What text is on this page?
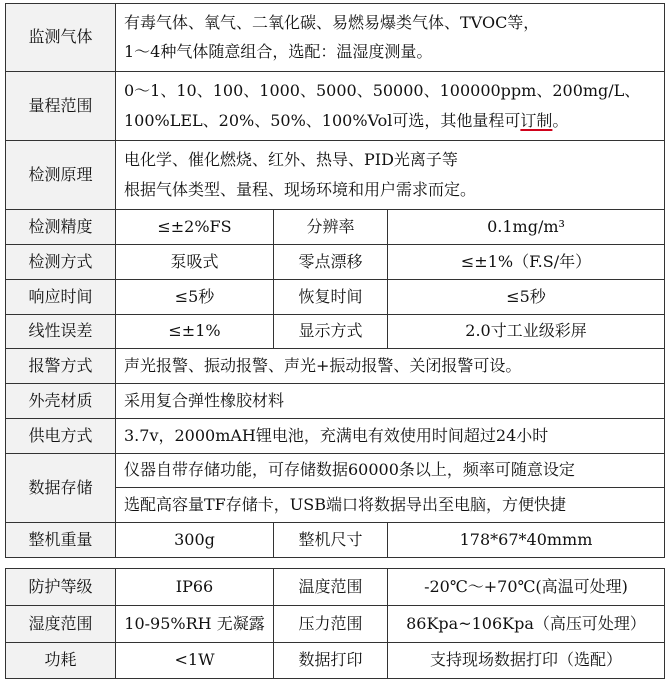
监测气体	有毒气体、氧气、二氧化碳、易燃易爆类气体、TVOC等，
1～4种气体随意组合，选配：温湿度测量。		

量程范围	0～1、10、100、1000、5000、50000、100000ppm、200mg/L、
100%LEL、20%、50%、100%Vol可选，其他量程可订制。		

检测原理	电化学、催化燃烧、红外、热导、PID光离子等
根据气体类型、量程、现场环境和用户需求而定。		

检测精度	≤±2%FS	分辨率	0.1mg/m³
检测方式	泵吸式	零点漂移	≤±1%（F.S/年）
响应时间	≤5秒	恢复时间	≤5秒
线性误差	≤±1%	显示方式	2.0寸工业级彩屏
报警方式	声光报警、振动报警、声光+振动报警、关闭报警可设。		
外壳材质	采用复合弹性橡胶材料		
供电方式	3.7v，2000mAH锂电池，充满电有效使用时间超过24小时		
数据存储	仪器自带存储功能，可存储数据60000条以上，频率可随意设定		
	选配高容量TF存储卡，USB端口将数据导出至电脑，方便快捷		
整机重量	300g	整机尺寸	178*67*40mmm
防护等级	IP66	温度范围	-20℃～+70℃(高温可处理)
湿度范围	10-95%RH 无凝露	压力范围	86Kpa~106Kpa（高压可处理）
功耗	<1W	数据打印	支持现场数据打印（选配）
